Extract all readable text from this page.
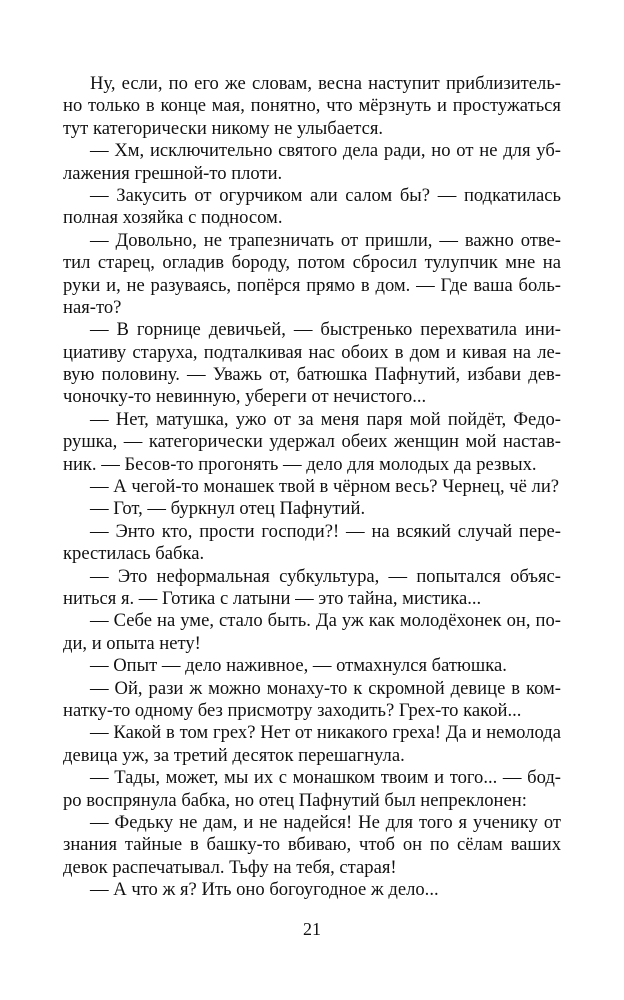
Ну, если, по его же словам, весна наступит приблизитель-
но только в конце мая, понятно, что мёрзнуть и простужаться
тут категорически никому не улыбается.
— Хм, исключительно святого дела ради, но от не для уб-
лажения грешной-то плоти.
— Закусить от огурчиком али салом бы? — подкатилась
полная хозяйка с подносом.
— Довольно, не трапезничать от пришли, — важно отве-
тил старец, огладив бороду, потом сбросил тулупчик мне на
руки и, не разуваясь, попёрся прямо в дом. — Где ваша боль-
ная-то?
— В горнице девичьей, — быстренько перехватила ини-
циативу старуха, подталкивая нас обоих в дом и кивая на ле-
вую половину. — Уважь от, батюшка Пафнутий, избави дев-
чоночку-то невинную, убереги от нечистого...
— Нет, матушка, ужо от за меня паря мой пойдёт, Федо-
рушка, — категорически удержал обеих женщин мой настав-
ник. — Бесов-то прогонять — дело для молодых да резвых.
— А чегой-то монашек твой в чёрном весь? Чернец, чё ли?
— Гот, — буркнул отец Пафнутий.
— Энто кто, прости господи?! — на всякий случай пере-
крестилась бабка.
— Это неформальная субкультура, — попытался объяс-
ниться я. — Готика с латыни — это тайна, мистика...
— Себе на уме, стало быть. Да уж как молодёхонек он, по-
ди, и опыта нету!
— Опыт — дело наживное, — отмахнулся батюшка.
— Ой, рази ж можно монаху-то к скромной девице в ком-
натку-то одному без присмотру заходить? Грех-то какой...
— Какой в том грех? Нет от никакого греха! Да и немолода
девица уж, за третий десяток перешагнула.
— Тады, может, мы их с монашком твоим и того... — бод-
ро воспрянула бабка, но отец Пафнутий был непреклонен:
— Федьку не дам, и не надейся! Не для того я ученику от
знания тайные в башку-то вбиваю, чтоб он по сёлам ваших
девок распечатывал. Тьфу на тебя, старая!
— А что ж я? Ить оно богоугодное ж дело...
21
